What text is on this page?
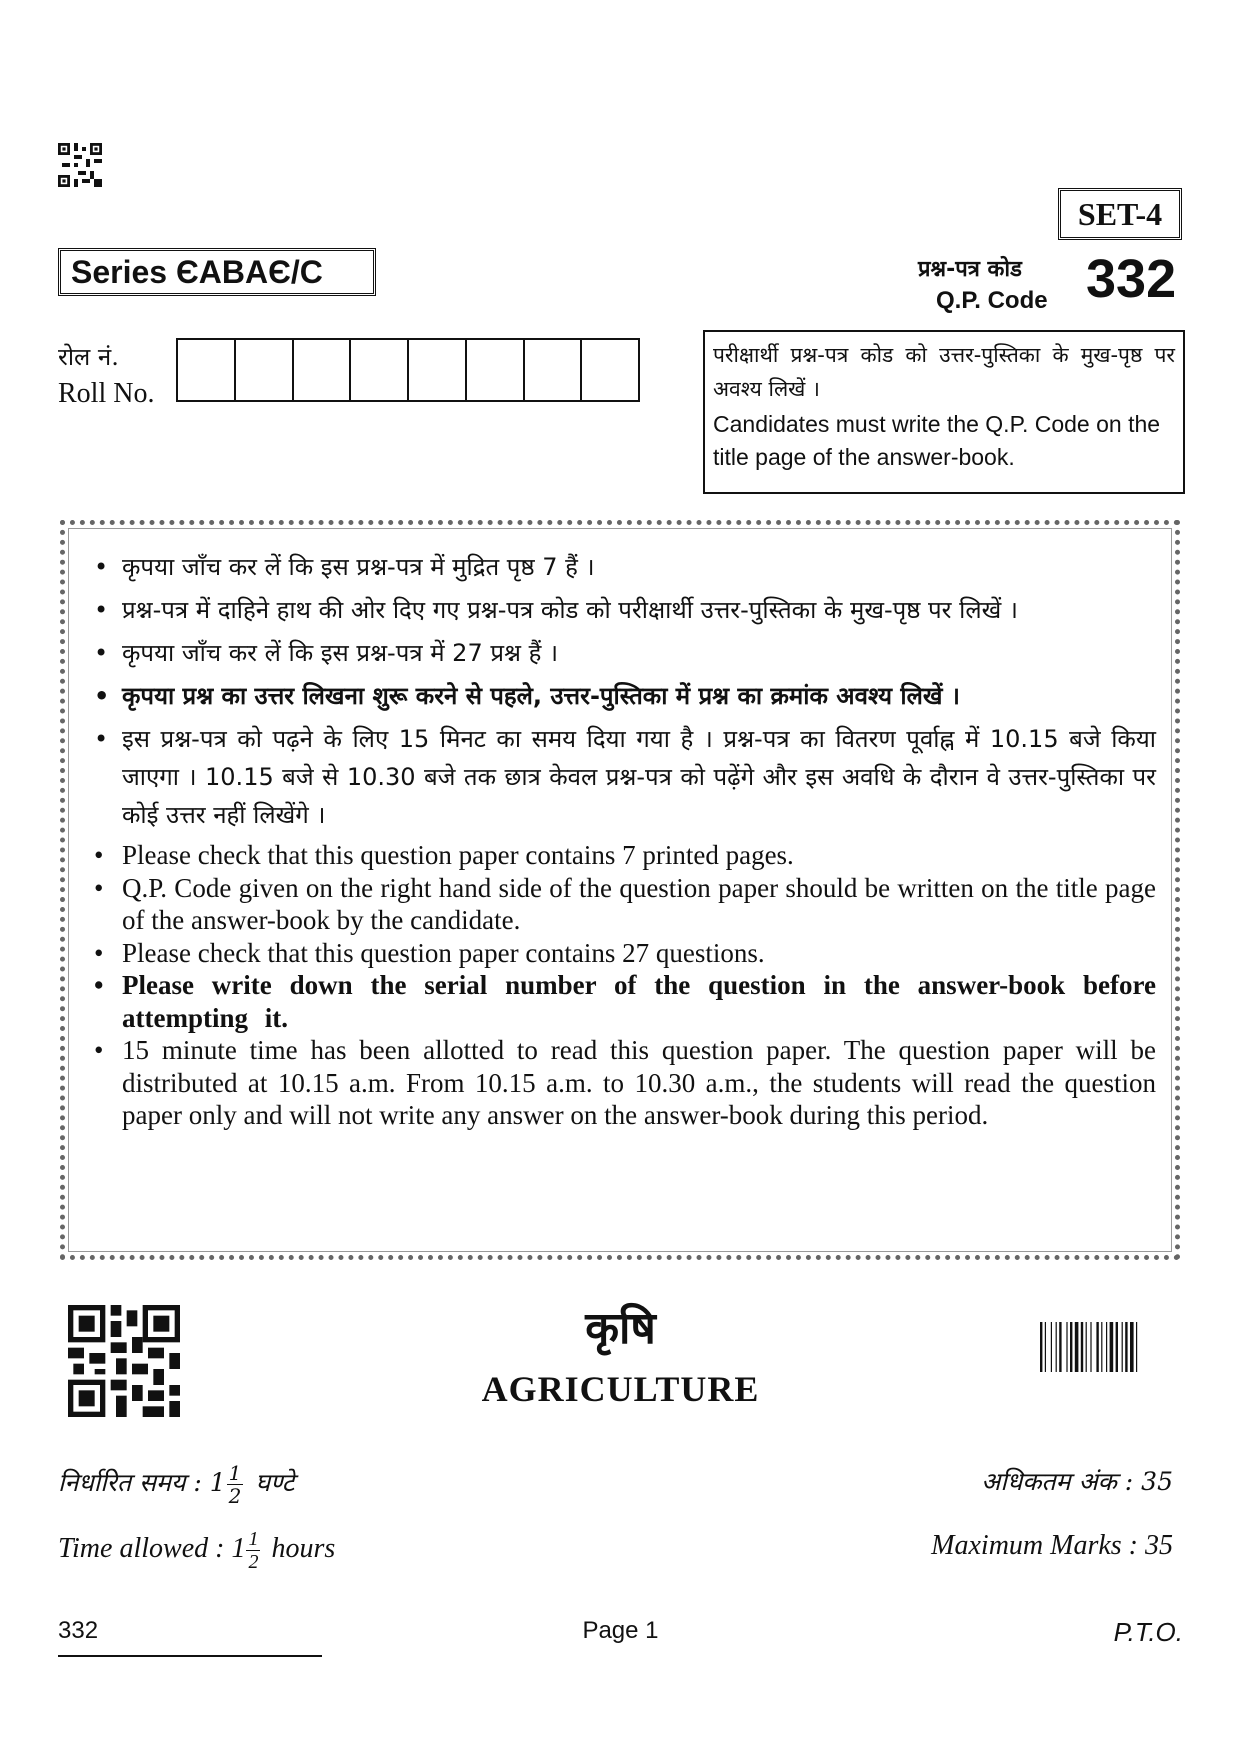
SET-4
Series ЄABAЄ/C	प्रश्न-पत्र कोड
Q.P. Code 332
रोल नं.
Roll No.
परीक्षार्थी प्रश्न-पत्र कोड को उत्तर-पुस्तिका के मुख-पृष्ठ पर अवश्य लिखें ।
Candidates must write the Q.P. Code on the title page of the answer-book.
• कृपया जाँच कर लें कि इस प्रश्न-पत्र में मुद्रित पृष्ठ 7 हैं ।
• प्रश्न-पत्र में दाहिने हाथ की ओर दिए गए प्रश्न-पत्र कोड को परीक्षार्थी उत्तर-पुस्तिका के मुख-पृष्ठ पर लिखें ।
• कृपया जाँच कर लें कि इस प्रश्न-पत्र में 27 प्रश्न हैं ।
• कृपया प्रश्न का उत्तर लिखना शुरू करने से पहले, उत्तर-पुस्तिका में प्रश्न का क्रमांक अवश्य लिखें ।
• इस प्रश्न-पत्र को पढ़ने के लिए 15 मिनट का समय दिया गया है । प्रश्न-पत्र का वितरण पूर्वाह्न में 10.15 बजे किया जाएगा । 10.15 बजे से 10.30 बजे तक छात्र केवल प्रश्न-पत्र को पढ़ेंगे और इस अवधि के दौरान वे उत्तर-पुस्तिका पर कोई उत्तर नहीं लिखेंगे ।
• Please check that this question paper contains 7 printed pages.
• Q.P. Code given on the right hand side of the question paper should be written on the title page of the answer-book by the candidate.
• Please check that this question paper contains 27 questions.
• Please write down the serial number of the question in the answer-book before attempting it.
• 15 minute time has been allotted to read this question paper. The question paper will be distributed at 10.15 a.m. From 10.15 a.m. to 10.30 a.m., the students will read the question paper only and will not write any answer on the answer-book during this period.
कृषि
AGRICULTURE
निर्धारित समय : $1 \frac{1}{2}$ घण्टे
Time allowed : $1 \frac{1}{2}$ hours
अधिकतम अंक : 35
Maximum Marks : 35
332	Page 1	P.T.O.
